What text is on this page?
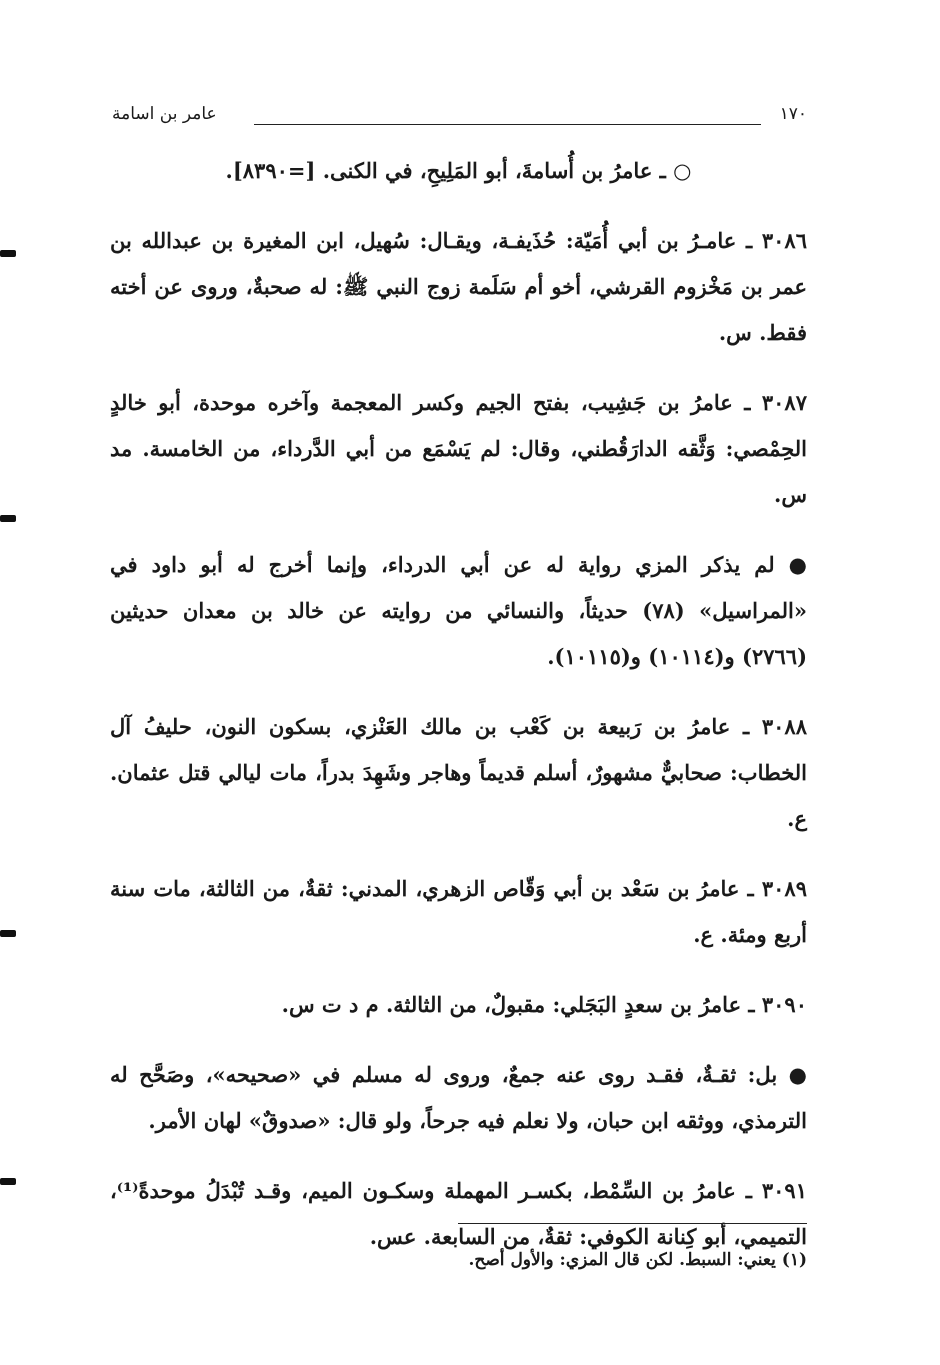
١٧٠
عامر بن اسامة

○ ـ عامرُ بن أُسامةَ، أبو المَلِيحِ، في الكنى. [=٨٣٩٠].

٣٠٨٦ ـ عامـرُ بن أبي أُمَيّة: حُذَيفـة، ويقـال: سُهيل، ابن المغيرة بن عبدالله بن عمر بن مَخْزوم القرشي، أخو أم سَلَمة زوج النبي ﷺ: له صحبةٌ، وروى عن أخته فقط. س.

٣٠٨٧ ـ عامرُ بن جَشِيب، بفتح الجيم وكسر المعجمة وآخره موحدة، أبو خالدٍ الحِمْصي: وَثَّقه الدارَقُطني، وقال: لم يَسْمَع من أبي الدَّرداء، من الخامسة. مد س.

● لم يذكر المزي رواية له عن أبي الدرداء، وإنما أخرج له أبو داود في «المراسيل» (٧٨) حديثاً، والنسائي من روايته عن خالد بن معدان حديثين (٢٧٦٦) و(١٠١١٤) و(١٠١١٥).

٣٠٨٨ ـ عامرُ بن رَبيعة بن كَعْب بن مالك العَنْزي، بسكون النون، حليفُ آل الخطاب: صحابيٌّ مشهورٌ، أسلم قديماً وهاجر وشَهِدَ بدراً، مات ليالي قتل عثمان. ع.

٣٠٨٩ ـ عامرُ بن سَعْد بن أبي وَقّاص الزهري، المدني: ثقةٌ، من الثالثة، مات سنة أربع ومئة. ع.

٣٠٩٠ ـ عامرُ بن سعدٍ البَجَلي: مقبولٌ، من الثالثة. م د ت س.

● بل: ثقـةٌ، فقـد روى عنه جمعٌ، وروى له مسلم في «صحيحه»، وصَحَّح له الترمذي، ووثقه ابن حبان، ولا نعلم فيه جرحاً، ولو قال: «صدوقٌ» لهان الأمر.

٣٠٩١ ـ عامرُ بن السِّمْط، بكسـر المهملة وسكـون الميم، وقـد تُبْدَلُ موحدةً⁽¹⁾، التميمي، أبو كِنانة الكوفي: ثقةٌ، من السابعة. عس.

(١) يعني: السبط. لكن قال المزي: والأول أصح.
